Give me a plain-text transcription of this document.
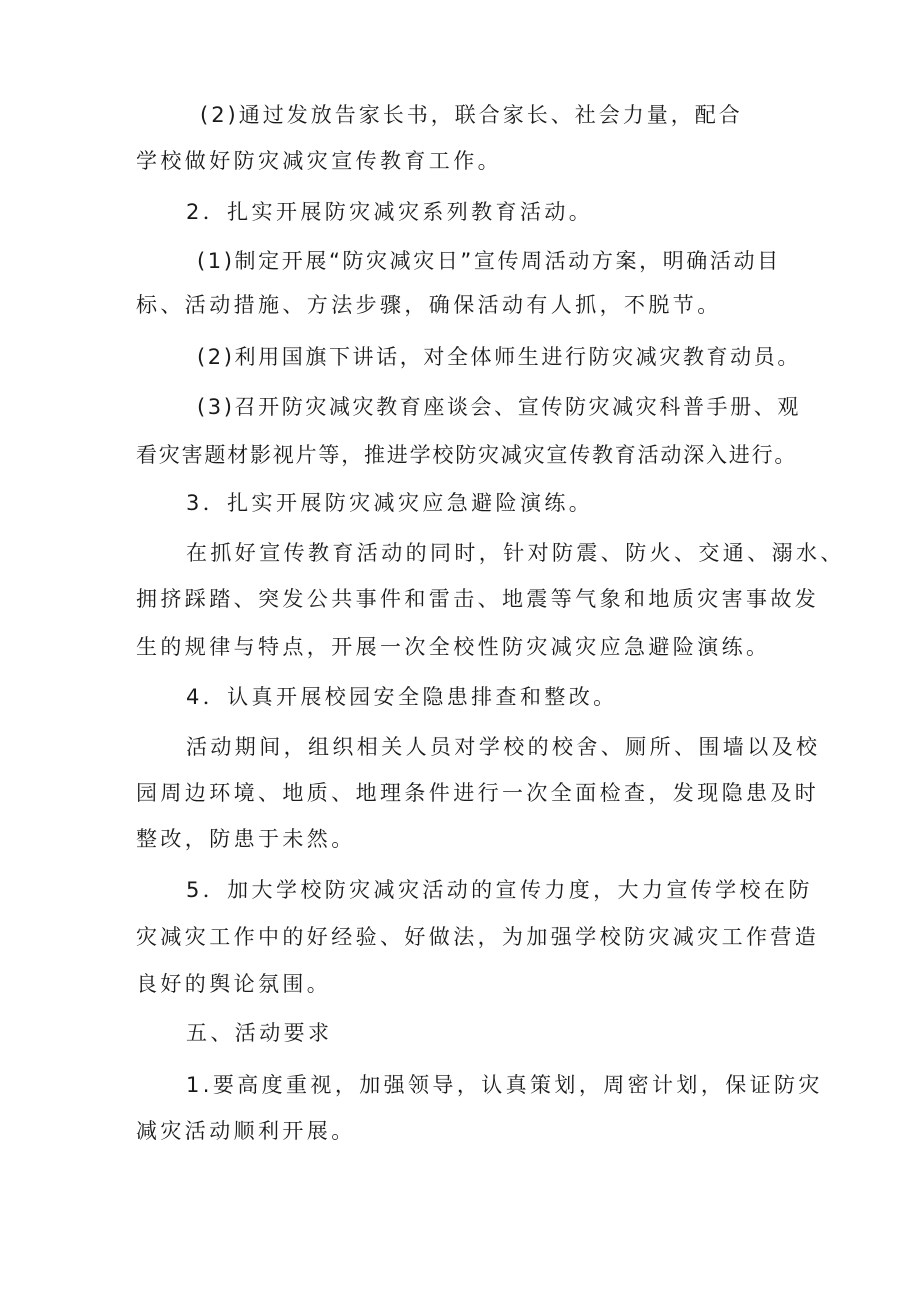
(2)通过发放告家长书，联合家长、社会力量，配合
学校做好防灾减灾宣传教育工作。
2．扎实开展防灾减灾系列教育活动。
(1)制定开展“防灾减灾日”宣传周活动方案，明确活动目
标、活动措施、方法步骤，确保活动有人抓，不脱节。
(2)利用国旗下讲话，对全体师生进行防灾减灾教育动员。
(3)召开防灾减灾教育座谈会、宣传防灾减灾科普手册、观
看灾害题材影视片等，推进学校防灾减灾宣传教育活动深入进行。
3．扎实开展防灾减灾应急避险演练。
在抓好宣传教育活动的同时，针对防震、防火、交通、溺水、
拥挤踩踏、突发公共事件和雷击、地震等气象和地质灾害事故发
生的规律与特点，开展一次全校性防灾减灾应急避险演练。
4．认真开展校园安全隐患排查和整改。
活动期间，组织相关人员对学校的校舍、厕所、围墙以及校
园周边环境、地质、地理条件进行一次全面检查，发现隐患及时
整改，防患于未然。
5．加大学校防灾减灾活动的宣传力度，大力宣传学校在防
灾减灾工作中的好经验、好做法，为加强学校防灾减灾工作营造
良好的舆论氛围。
五、活动要求
1.要高度重视，加强领导，认真策划，周密计划，保证防灾
减灾活动顺利开展。
